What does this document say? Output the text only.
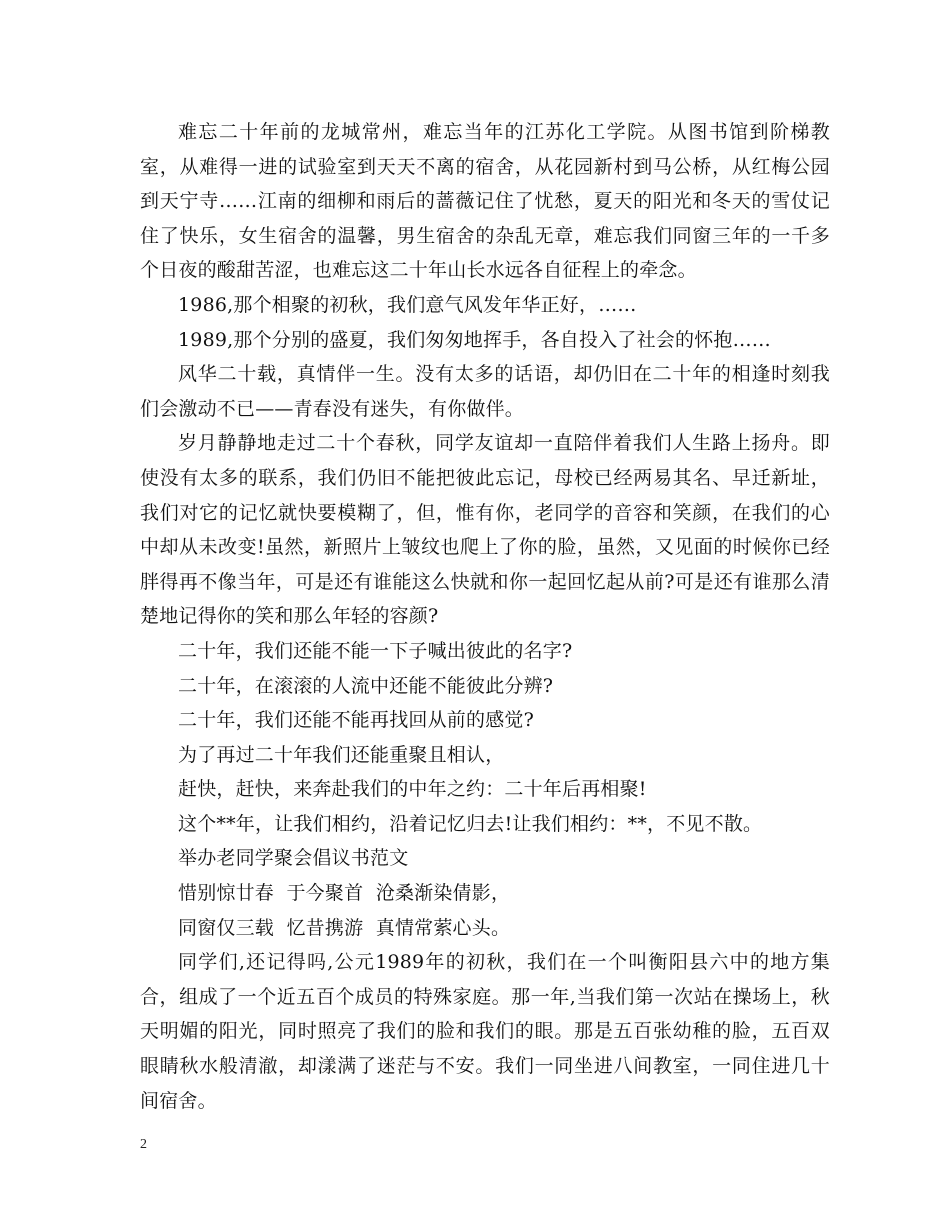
难忘二十年前的龙城常州，难忘当年的江苏化工学院。从图书馆到阶梯教室，从难得一进的试验室到天天不离的宿舍，从花园新村到马公桥，从红梅公园到天宁寺……江南的细柳和雨后的蔷薇记住了忧愁，夏天的阳光和冬天的雪仗记住了快乐，女生宿舍的温馨，男生宿舍的杂乱无章，难忘我们同窗三年的一千多个日夜的酸甜苦涩，也难忘这二十年山长水远各自征程上的牵念。

1986,那个相聚的初秋，我们意气风发年华正好，……

1989,那个分别的盛夏，我们匆匆地挥手，各自投入了社会的怀抱……

风华二十载，真情伴一生。没有太多的话语，却仍旧在二十年的相逢时刻我们会激动不已——青春没有迷失，有你做伴。

岁月静静地走过二十个春秋，同学友谊却一直陪伴着我们人生路上扬舟。即使没有太多的联系，我们仍旧不能把彼此忘记，母校已经两易其名、早迁新址，我们对它的记忆就快要模糊了，但，惟有你，老同学的音容和笑颜，在我们的心中却从未改变!虽然，新照片上皱纹也爬上了你的脸，虽然，又见面的时候你已经胖得再不像当年，可是还有谁能这么快就和你一起回忆起从前?可是还有谁那么清楚地记得你的笑和那么年轻的容颜?

二十年，我们还能不能一下子喊出彼此的名字?

二十年，在滚滚的人流中还能不能彼此分辨?

二十年，我们还能不能再找回从前的感觉?

为了再过二十年我们还能重聚且相认，

赶快，赶快，来奔赴我们的中年之约：二十年后再相聚!

这个**年，让我们相约，沿着记忆归去!让我们相约：**，不见不散。

举办老同学聚会倡议书范文

惜别惊廿春  于今聚首  沧桑渐染倩影，

同窗仅三载  忆昔携游  真情常萦心头。

同学们,还记得吗,公元1989年的初秋，我们在一个叫衡阳县六中的地方集合，组成了一个近五百个成员的特殊家庭。那一年,当我们第一次站在操场上，秋天明媚的阳光，同时照亮了我们的脸和我们的眼。那是五百张幼稚的脸，五百双眼睛秋水般清澈，却漾满了迷茫与不安。我们一同坐进八间教室，一同住进几十间宿舍。

2
